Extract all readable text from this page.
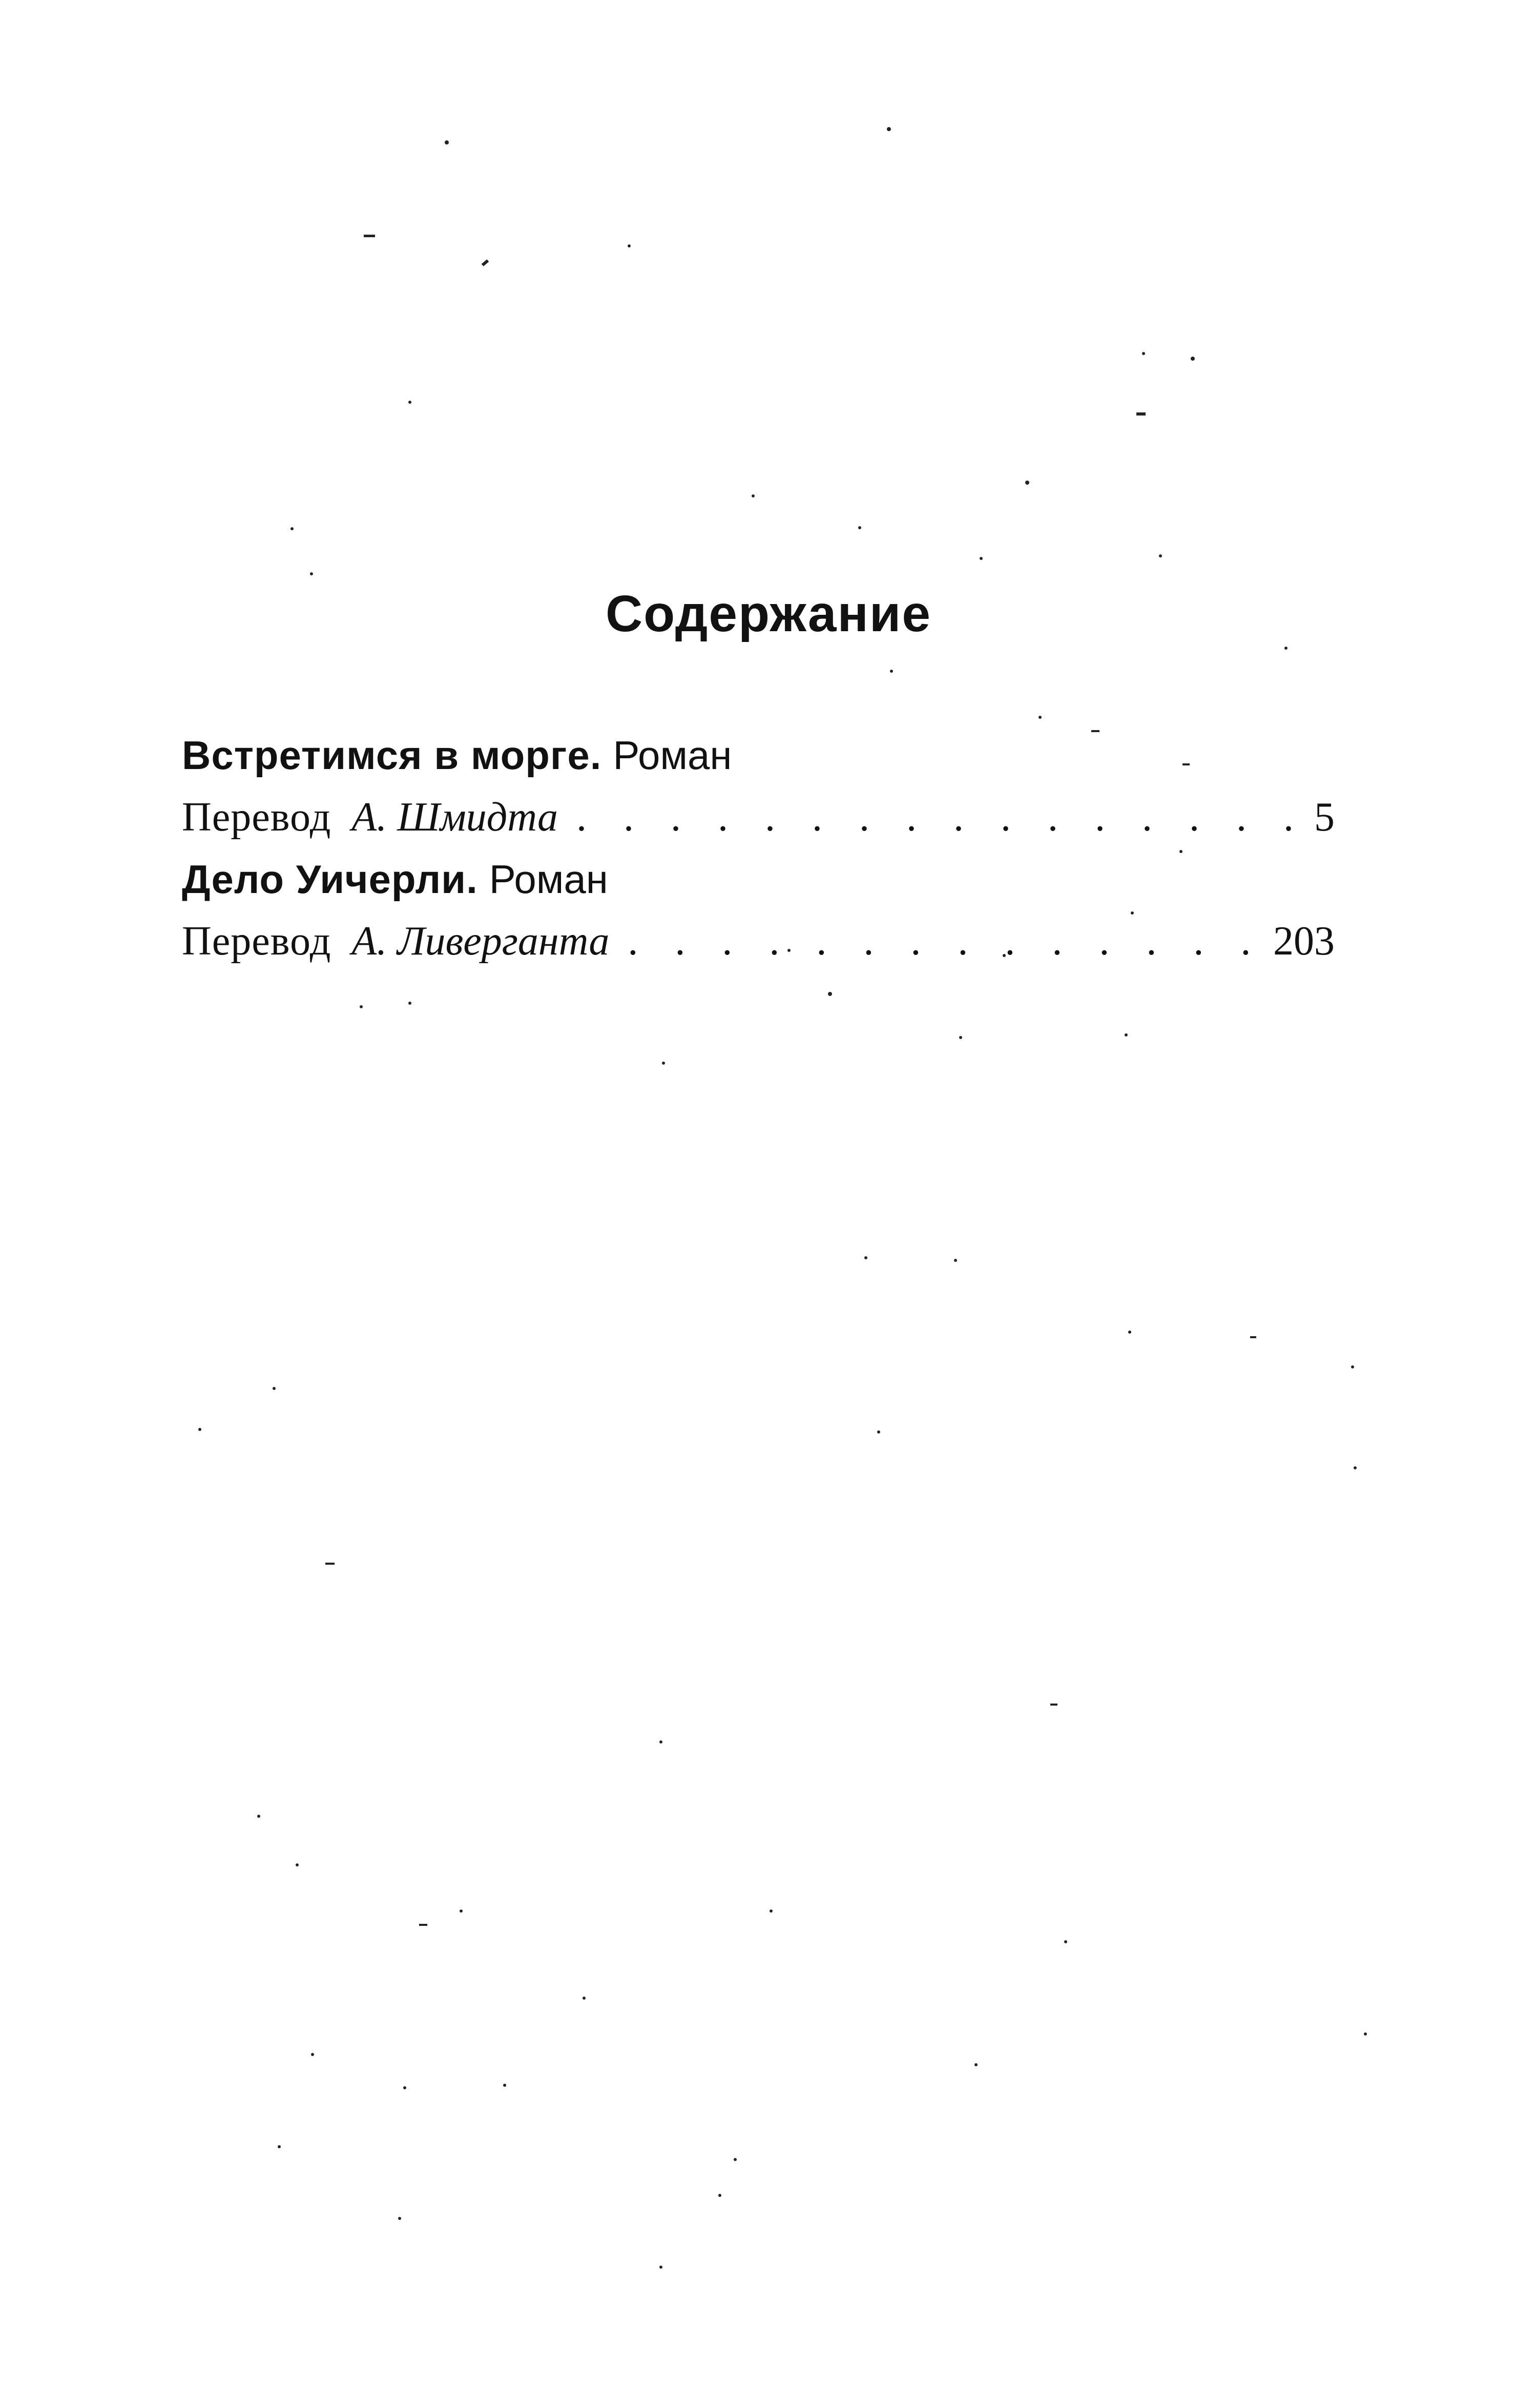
Содержание
Встретимся в морге. Роман
Перевод А. Шмидта . . .	5
Дело Уичерли. Роман
Перевод А. Ливерганта . . .	203
